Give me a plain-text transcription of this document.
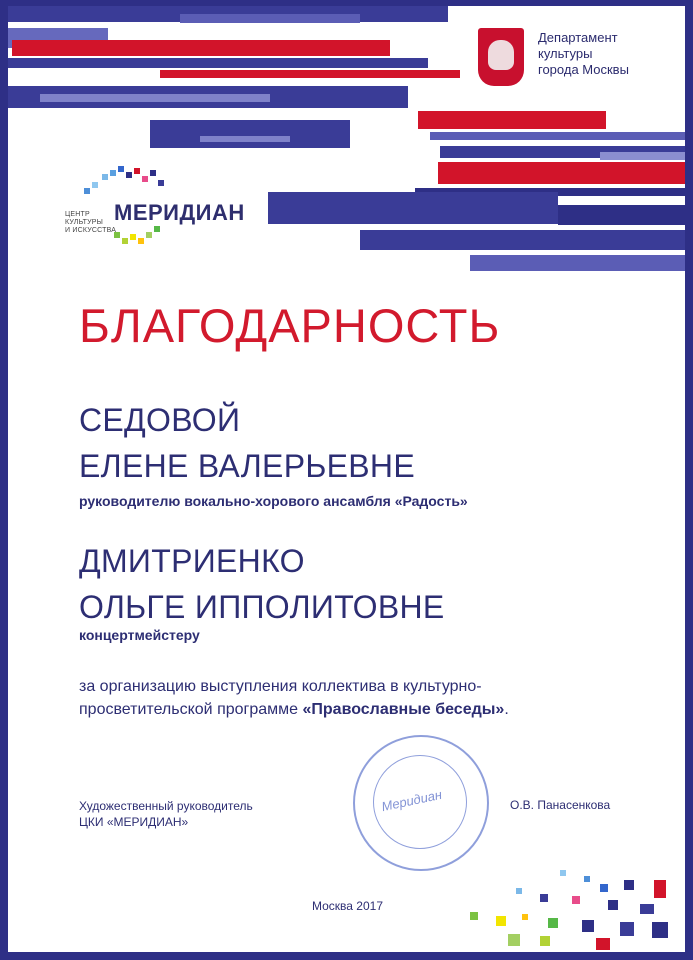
Департамент
культуры
города Москвы
ЦЕНТР
КУЛЬТУРЫ
И ИСКУССТВА
МЕРИДИАН
БЛАГОДАРНОСТЬ
СЕДОВОЙ
ЕЛЕНЕ ВАЛЕРЬЕВНЕ
руководителю вокально-хорового ансамбля «Радость»
ДМИТРИЕНКО
ОЛЬГЕ ИППОЛИТОВНЕ
концертмейстеру
за организацию выступления коллектива в культурно-
просветительской программе «Православные беседы».
Меридиан
Художественный руководитель
ЦКИ «МЕРИДИАН»
О.В. Панасенкова
Москва 2017
